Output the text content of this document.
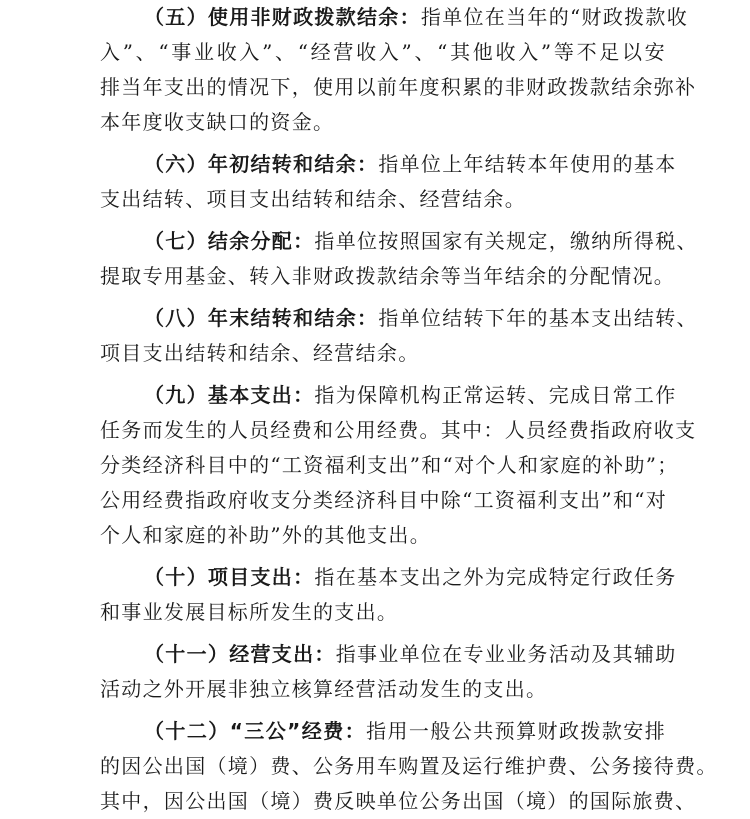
（五）使用非财政拨款结余：指单位在当年的“财政拨款收
入”、“事业收入”、“经营收入”、“其他收入”等不足以安
排当年支出的情况下，使用以前年度积累的非财政拨款结余弥补
本年度收支缺口的资金。
（六）年初结转和结余：指单位上年结转本年使用的基本
支出结转、项目支出结转和结余、经营结余。
（七）结余分配：指单位按照国家有关规定，缴纳所得税、
提取专用基金、转入非财政拨款结余等当年结余的分配情况。
（八）年末结转和结余：指单位结转下年的基本支出结转、
项目支出结转和结余、经营结余。
（九）基本支出：指为保障机构正常运转、完成日常工作
任务而发生的人员经费和公用经费。其中：人员经费指政府收支
分类经济科目中的“工资福利支出”和“对个人和家庭的补助”；
公用经费指政府收支分类经济科目中除“工资福利支出”和“对
个人和家庭的补助”外的其他支出。
（十）项目支出：指在基本支出之外为完成特定行政任务
和事业发展目标所发生的支出。
（十一）经营支出：指事业单位在专业业务活动及其辅助
活动之外开展非独立核算经营活动发生的支出。
（十二）“三公”经费：指用一般公共预算财政拨款安排
的因公出国（境）费、公务用车购置及运行维护费、公务接待费。
其中，因公出国（境）费反映单位公务出国（境）的国际旅费、
